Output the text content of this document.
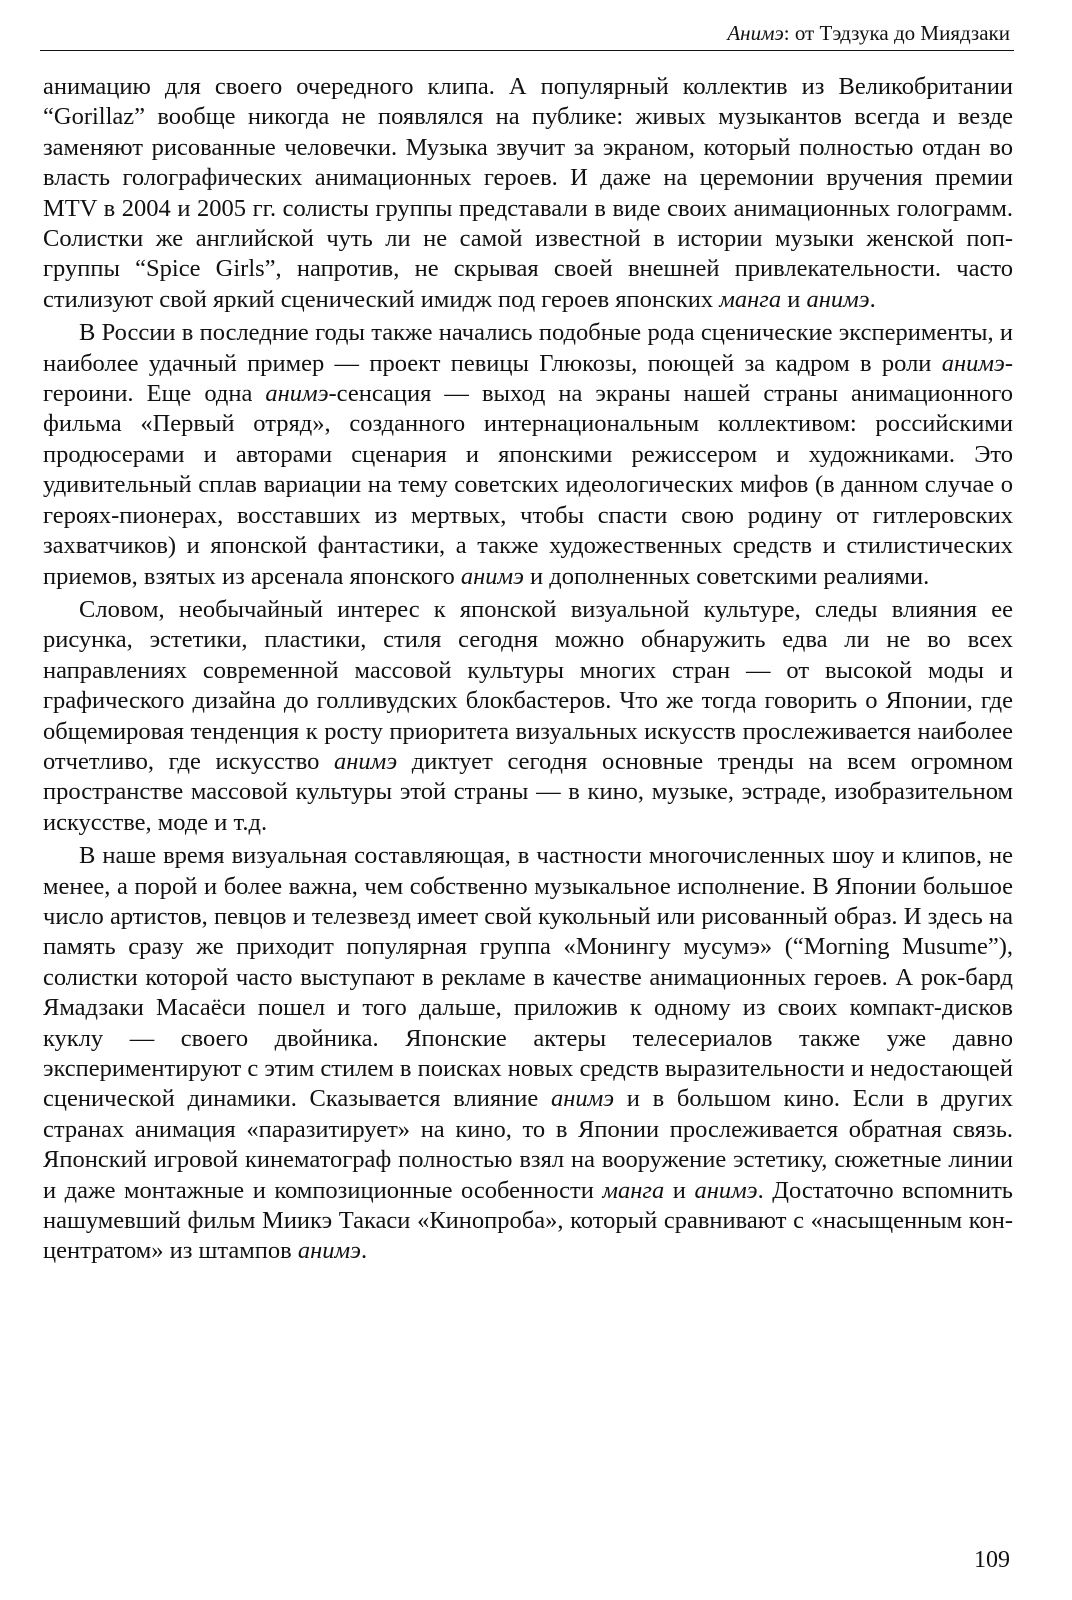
Анимэ: от Тэдзука до Миядзаки

анимацию для своего очередного клипа. А популярный коллектив из Великобритании “Gorillaz” вообще никогда не появлялся на публике: живых музыкантов всегда и везде заменяют рисованные человечки. Музыка звучит за экраном, который полностью отдан во власть голографических анимационных героев. И даже на церемонии вручения премии MTV в 2004 и 2005 гг. солисты группы представали в виде своих анимационных голограмм. Солистки же английской чуть ли не самой известной в истории музыки женской поп-группы “Spice Girls”, напротив, не скрывая своей внешней привлекательности. часто стилизуют свой яркий сценический имидж под героев японских манга и анимэ.

В России в последние годы также начались подобные рода сценические эксперименты, и наиболее удачный пример — проект певицы Глюкозы, поющей за кадром в роли анимэ-героини. Еще одна анимэ-сенсация — выход на экраны нашей страны анимационного фильма «Первый отряд», созданного интернациональным коллективом: российскими продюсерами и авторами сценария и японскими режиссером и художниками. Это удивительный сплав вариации на тему советских идеологических мифов (в данном случае о героях-пионерах, восставших из мертвых, чтобы спасти свою родину от гитлеровских захватчиков) и японской фантастики, а также художественных средств и стилистических приемов, взятых из арсенала японского анимэ и дополненных советскими реалиями.

Словом, необычайный интерес к японской визуальной культуре, следы влияния ее рисунка, эстетики, пластики, стиля сегодня можно обнаружить едва ли не во всех направлениях современной массовой культуры многих стран — от высокой моды и графического дизайна до голливудских блокбастеров. Что же тогда говорить о Японии, где общемировая тенденция к росту приоритета визуальных искусств прослеживается наиболее отчетливо, где искусство анимэ диктует сегодня основные тренды на всем огромном пространстве массовой культуры этой страны — в кино, музыке, эстраде, изобразительном искусстве, моде и т.д.

В наше время визуальная составляющая, в частности многочисленных шоу и клипов, не менее, а порой и более важна, чем собственно музыкальное исполнение. В Японии большое число артистов, певцов и телезвезд имеет свой кукольный или рисованный образ. И здесь на память сразу же приходит популярная группа «Монингу мусумэ» (“Morning Musume”), солистки которой часто выступают в рекламе в качестве анимационных героев. А рок-бард Ямадзаки Масаёси пошел и того дальше, приложив к одному из своих компакт-дисков куклу — своего двойника. Японские актеры телесериалов также уже давно экспериментируют с этим стилем в поисках новых средств выразительности и недостающей сценической динамики. Сказывается влияние анимэ и в большом кино. Если в других странах анимация «паразитирует» на кино, то в Японии прослеживается обратная связь. Японский игровой кинематограф полностью взял на вооружение эстетику, сюжетные линии и даже монтажные и композиционные особенности манга и анимэ. Достаточно вспомнить нашумевший фильм Миикэ Такаси «Кинопроба», который сравнивают с «насыщенным концентратом» из штампов анимэ.

109
